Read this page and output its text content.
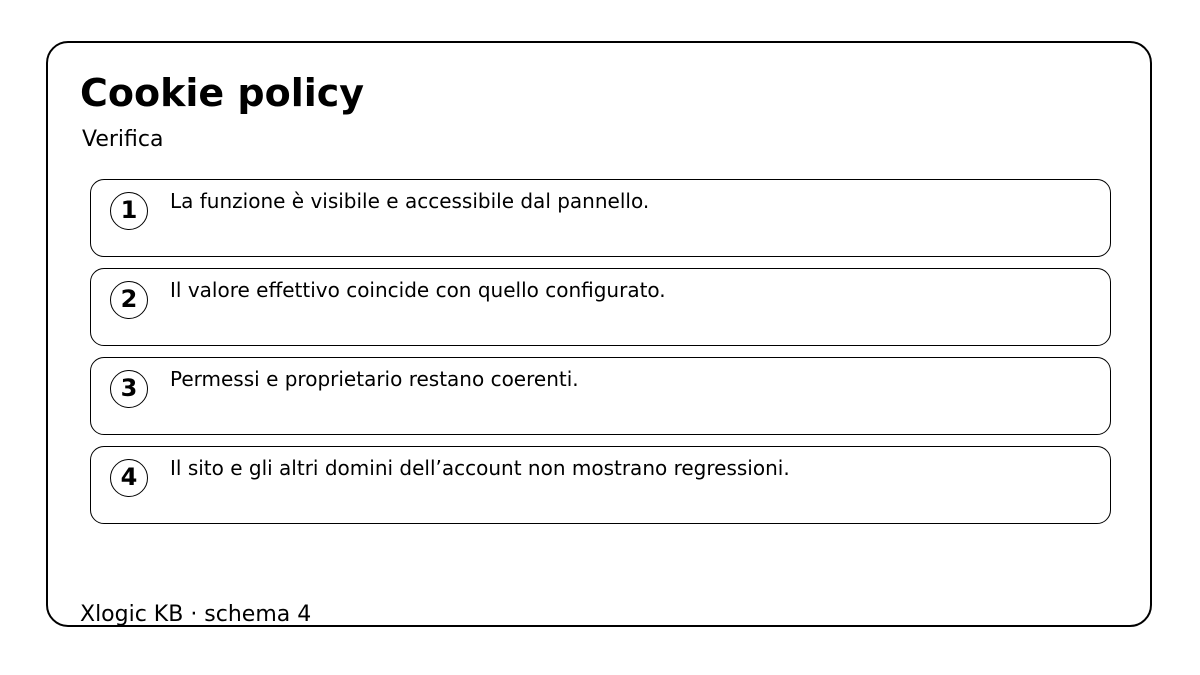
Cookie policy
Verifica
1	La funzione è visibile e accessibile dal pannello.
2	Il valore effettivo coincide con quello configurato.
3	Permessi e proprietario restano coerenti.
4	Il sito e gli altri domini dell’account non mostrano regressioni.
Xlogic KB · schema 4
